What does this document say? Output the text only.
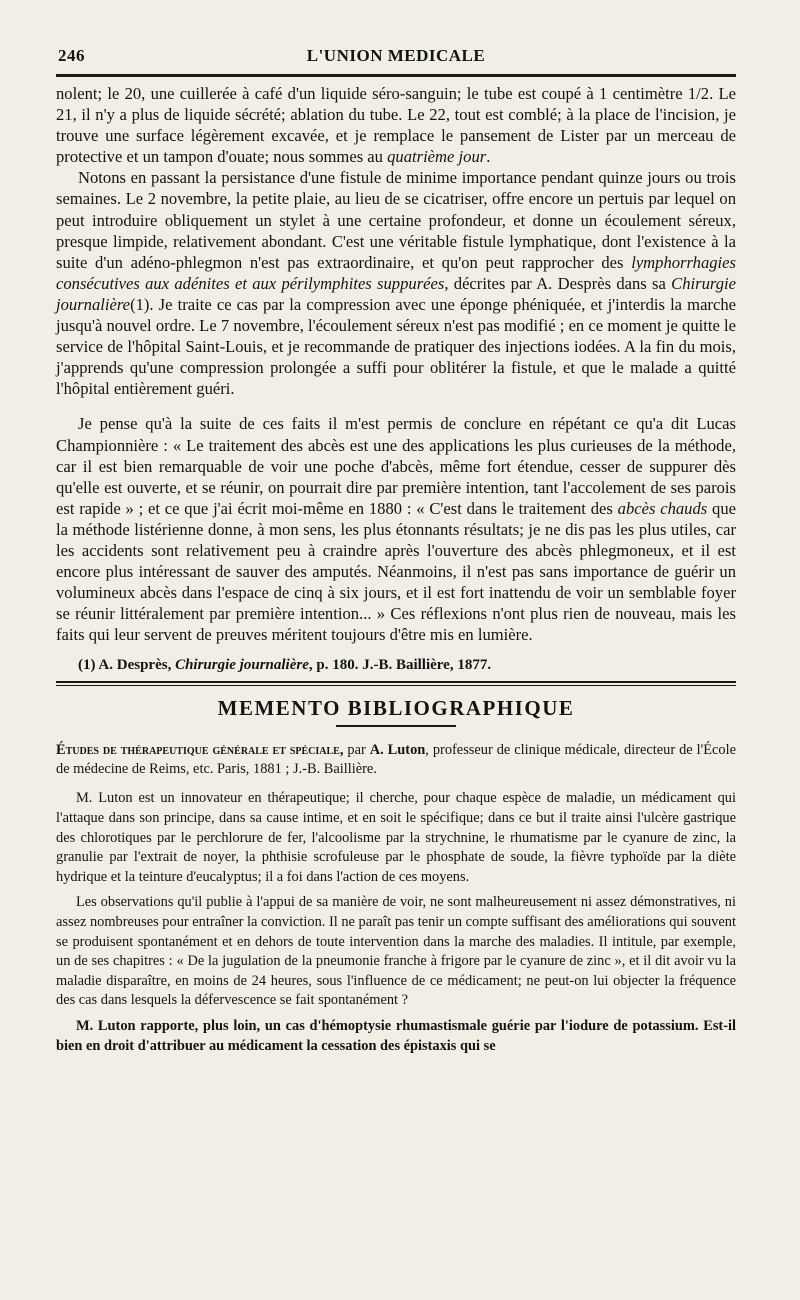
246	L'UNION MEDICALE

nolent; le 20, une cuillerée à café d'un liquide séro-sanguin; le tube est coupé à 1 centimètre 1/2. Le 21, il n'y a plus de liquide sécrété; ablation du tube. Le 22, tout est comblé; à la place de l'incision, je trouve une surface légèrement excavée, et je remplace le pansement de Lister par un merceau de protective et un tampon d'ouate; nous sommes au quatrième jour.

Notons en passant la persistance d'une fistule de minime importance pendant quinze jours ou trois semaines. Le 2 novembre, la petite plaie, au lieu de se cicatriser, offre encore un pertuis par lequel on peut introduire obliquement un stylet à une certaine profondeur, et donne un écoulement séreux, presque limpide, relativement abondant. C'est une véritable fistule lymphatique, dont l'existence à la suite d'un adéno-phlegmon n'est pas extraordinaire, et qu'on peut rapprocher des lymphorrhagies consécutives aux adénites et aux périlymphites suppurées, décrites par A. Desprès dans sa Chirurgie journalière(1). Je traite ce cas par la compression avec une éponge phéniquée, et j'interdis la marche jusqu'à nouvel ordre. Le 7 novembre, l'écoulement séreux n'est pas modifié ; en ce moment je quitte le service de l'hôpital Saint-Louis, et je recommande de pratiquer des injections iodées. A la fin du mois, j'apprends qu'une compression prolongée a suffi pour oblitérer la fistule, et que le malade a quitté l'hôpital entièrement guéri.

Je pense qu'à la suite de ces faits il m'est permis de conclure en répétant ce qu'a dit Lucas Championnière : « Le traitement des abcès est une des applications les plus curieuses de la méthode, car il est bien remarquable de voir une poche d'abcès, même fort étendue, cesser de suppurer dès qu'elle est ouverte, et se réunir, on pourrait dire par première intention, tant l'accolement de ses parois est rapide » ; et ce que j'ai écrit moi-même en 1880 : « C'est dans le traitement des abcès chauds que la méthode listérienne donne, à mon sens, les plus étonnants résultats; je ne dis pas les plus utiles, car les accidents sont relativement peu à craindre après l'ouverture des abcès phlegmoneux, et il est encore plus intéressant de sauver des amputés. Néanmoins, il n'est pas sans importance de guérir un volumineux abcès dans l'espace de cinq à six jours, et il est fort inattendu de voir un semblable foyer se réunir littéralement par première intention... » Ces réflexions n'ont plus rien de nouveau, mais les faits qui leur servent de preuves méritent toujours d'être mis en lumière.

(1) A. Desprès, Chirurgie journalière, p. 180. J.-B. Baillière, 1877.
MEMENTO BIBLIOGRAPHIQUE
Études de thérapeutique générale et spéciale, par A. Luton, professeur de clinique médicale, directeur de l'École de médecine de Reims, etc. Paris, 1881 ; J.-B. Baillière.

M. Luton est un innovateur en thérapeutique; il cherche, pour chaque espèce de maladie, un médicament qui l'attaque dans son principe, dans sa cause intime, et en soit le spécifique; dans ce but il traite ainsi l'ulcère gastrique des chlorotiques par le perchlorure de fer, l'alcoolisme par la strychnine, le rhumatisme par le cyanure de zinc, la granulie par l'extrait de noyer, la phthisie scrofuleuse par le phosphate de soude, la fièvre typhoïde par la diète hydrique et la teinture d'eucalyptus; il a foi dans l'action de ces moyens.

Les observations qu'il publie à l'appui de sa manière de voir, ne sont malheureusement ni assez démonstratives, ni assez nombreuses pour entraîner la conviction. Il ne paraît pas tenir un compte suffisant des améliorations qui souvent se produisent spontanément et en dehors de toute intervention dans la marche des maladies. Il intitule, par exemple, un de ses chapitres : « De la jugulation de la pneumonie franche à frigore par le cyanure de zinc », et il dit avoir vu la maladie disparaître, en moins de 24 heures, sous l'influence de ce médicament; ne peut-on lui objecter la fréquence des cas dans lesquels la défervescence se fait spontanément ?

M. Luton rapporte, plus loin, un cas d'hémoptysie rhumastismale guérie par l'iodure de potassium. Est-il bien en droit d'attribuer au médicament la cessation des épistaxis qui se
